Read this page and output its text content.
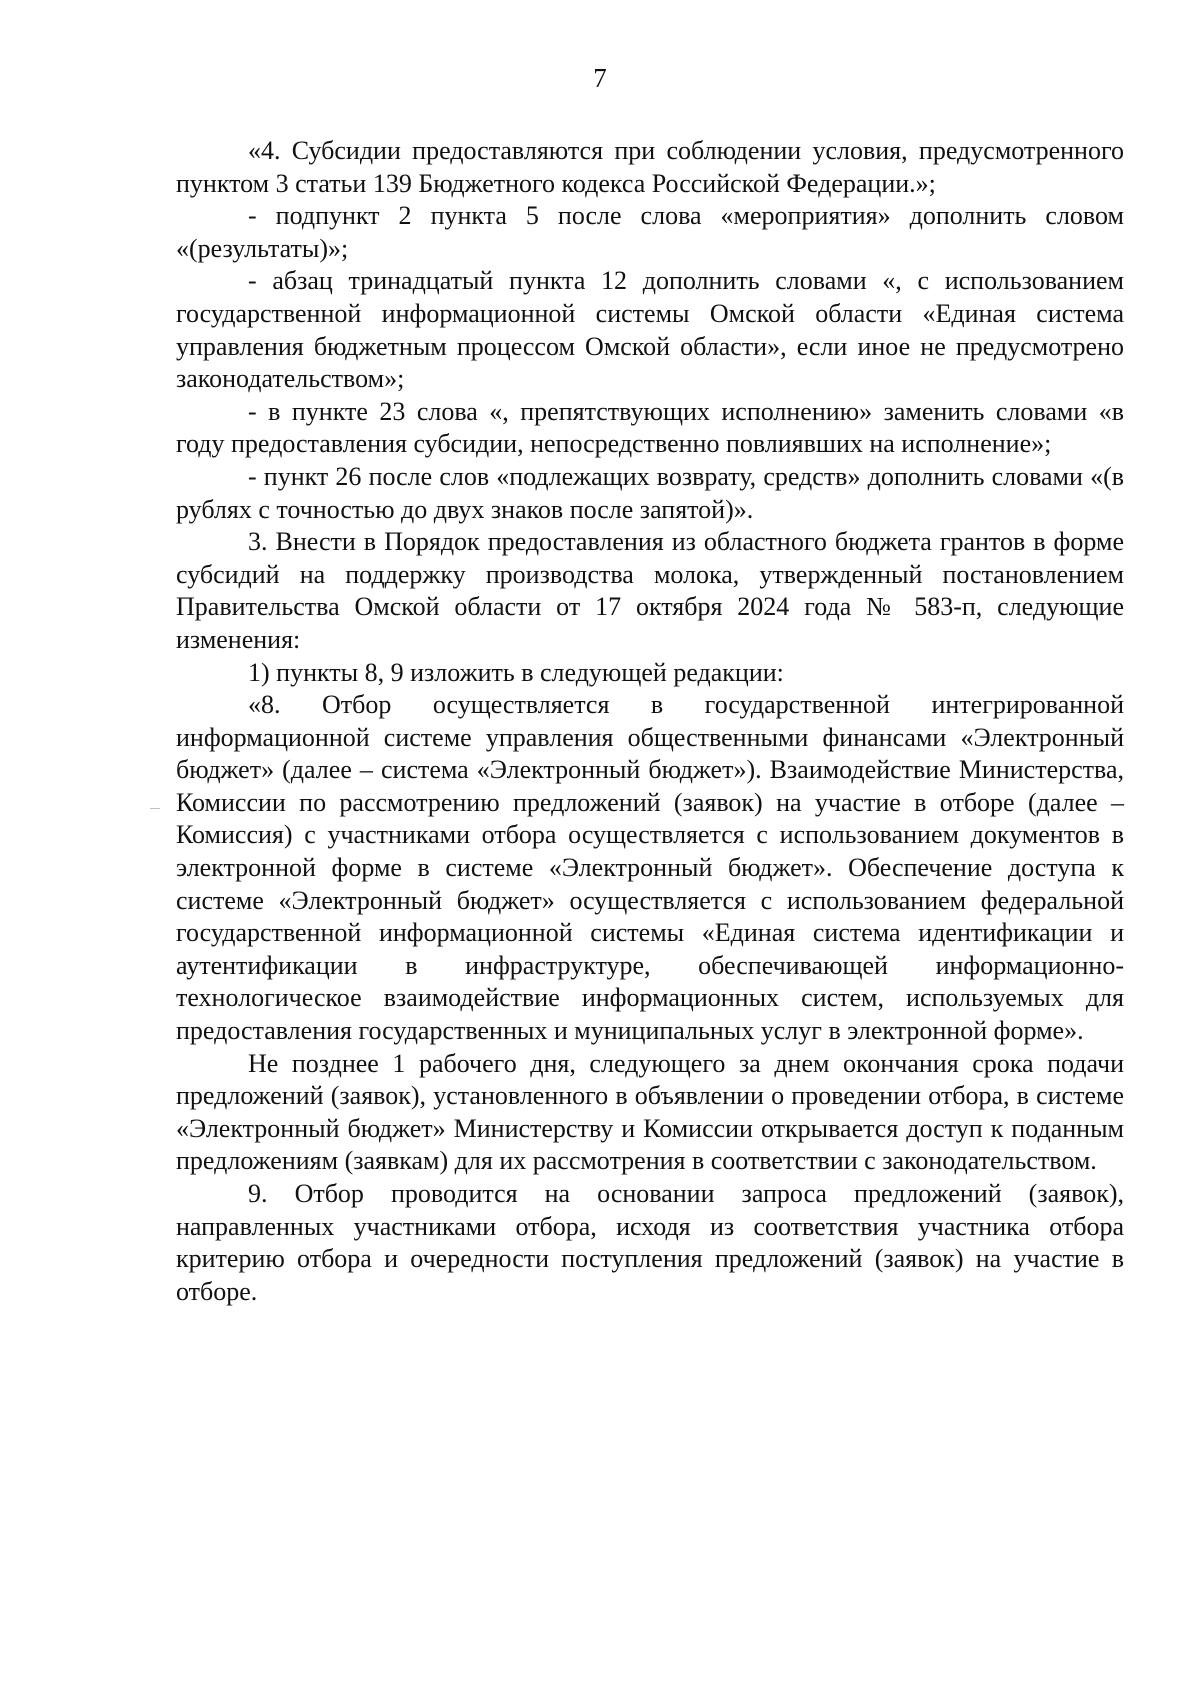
7

«4. Субсидии предоставляются при соблюдении условия, предусмотренного пунктом 3 статьи 139 Бюджетного кодекса Российской Федерации.»;

- подпункт 2 пункта 5 после слова «мероприятия» дополнить словом «(результаты)»;

- абзац тринадцатый пункта 12 дополнить словами «, с использованием государственной информационной системы Омской области «Единая система управления бюджетным процессом Омской области», если иное не предусмотрено законодательством»;

- в пункте 23 слова «, препятствующих исполнению» заменить словами «в году предоставления субсидии, непосредственно повлиявших на исполнение»;

- пункт 26 после слов «подлежащих возврату, средств» дополнить словами «(в рублях с точностью до двух знаков после запятой)».

3. Внести в Порядок предоставления из областного бюджета грантов в форме субсидий на поддержку производства молока, утвержденный постановлением Правительства Омской области от 17 октября 2024 года № 583-п, следующие изменения:

1) пункты 8, 9 изложить в следующей редакции:

«8. Отбор осуществляется в государственной интегрированной информационной системе управления общественными финансами «Электронный бюджет» (далее – система «Электронный бюджет»). Взаимодействие Министерства, Комиссии по рассмотрению предложений (заявок) на участие в отборе (далее – Комиссия) с участниками отбора осуществляется с использованием документов в электронной форме в системе «Электронный бюджет». Обеспечение доступа к системе «Электронный бюджет» осуществляется с использованием федеральной государственной информационной системы «Единая система идентификации и аутентификации в инфраструктуре, обеспечивающей информационно-технологическое взаимодействие информационных систем, используемых для предоставления государственных и муниципальных услуг в электронной форме».

Не позднее 1 рабочего дня, следующего за днем окончания срока подачи предложений (заявок), установленного в объявлении о проведении отбора, в системе «Электронный бюджет» Министерству и Комиссии открывается доступ к поданным предложениям (заявкам) для их рассмотрения в соответствии с законодательством.

9. Отбор проводится на основании запроса предложений (заявок), направленных участниками отбора, исходя из соответствия участника отбора критерию отбора и очередности поступления предложений (заявок) на участие в отборе.
